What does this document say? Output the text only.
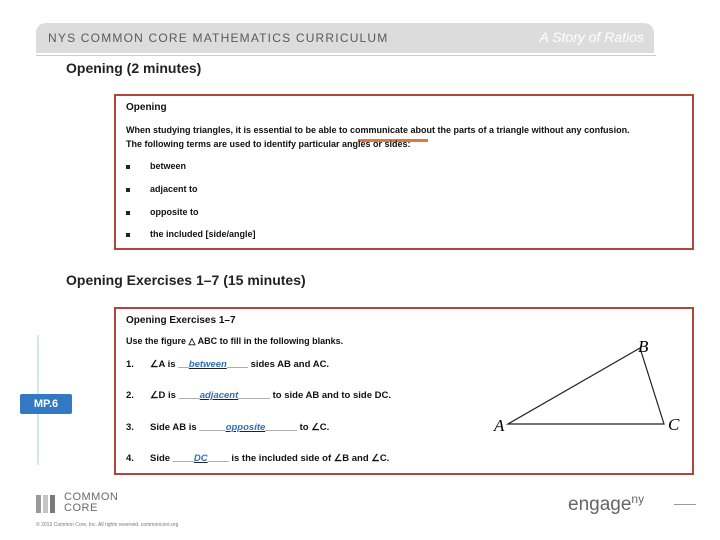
NYS COMMON CORE MATHEMATICS CURRICULUM	A Story of Ratios
Opening (2 minutes)
Opening
When studying triangles, it is essential to be able to communicate about the parts of a triangle without any confusion.
The following terms are used to identify particular angles or sides:
between
adjacent to
opposite to
the included [side/angle]
Opening Exercises 1–7 (15 minutes)
Opening Exercises 1–7
Use the figure △ ABC to fill in the following blanks.
1. ∠A is __between____ sides AB and AC.
2. ∠D is ____adjacent______ to side AB and to side DC.
3. Side AB is _____opposite______ to ∠C.
4. Side ____DC____ is the included side of ∠B and ∠C.
A
B
C
MP.6
COMMON
CORE
© 2013 Common Core, Inc. All rights reserved. commoncore.org
engage$^{ny}$
